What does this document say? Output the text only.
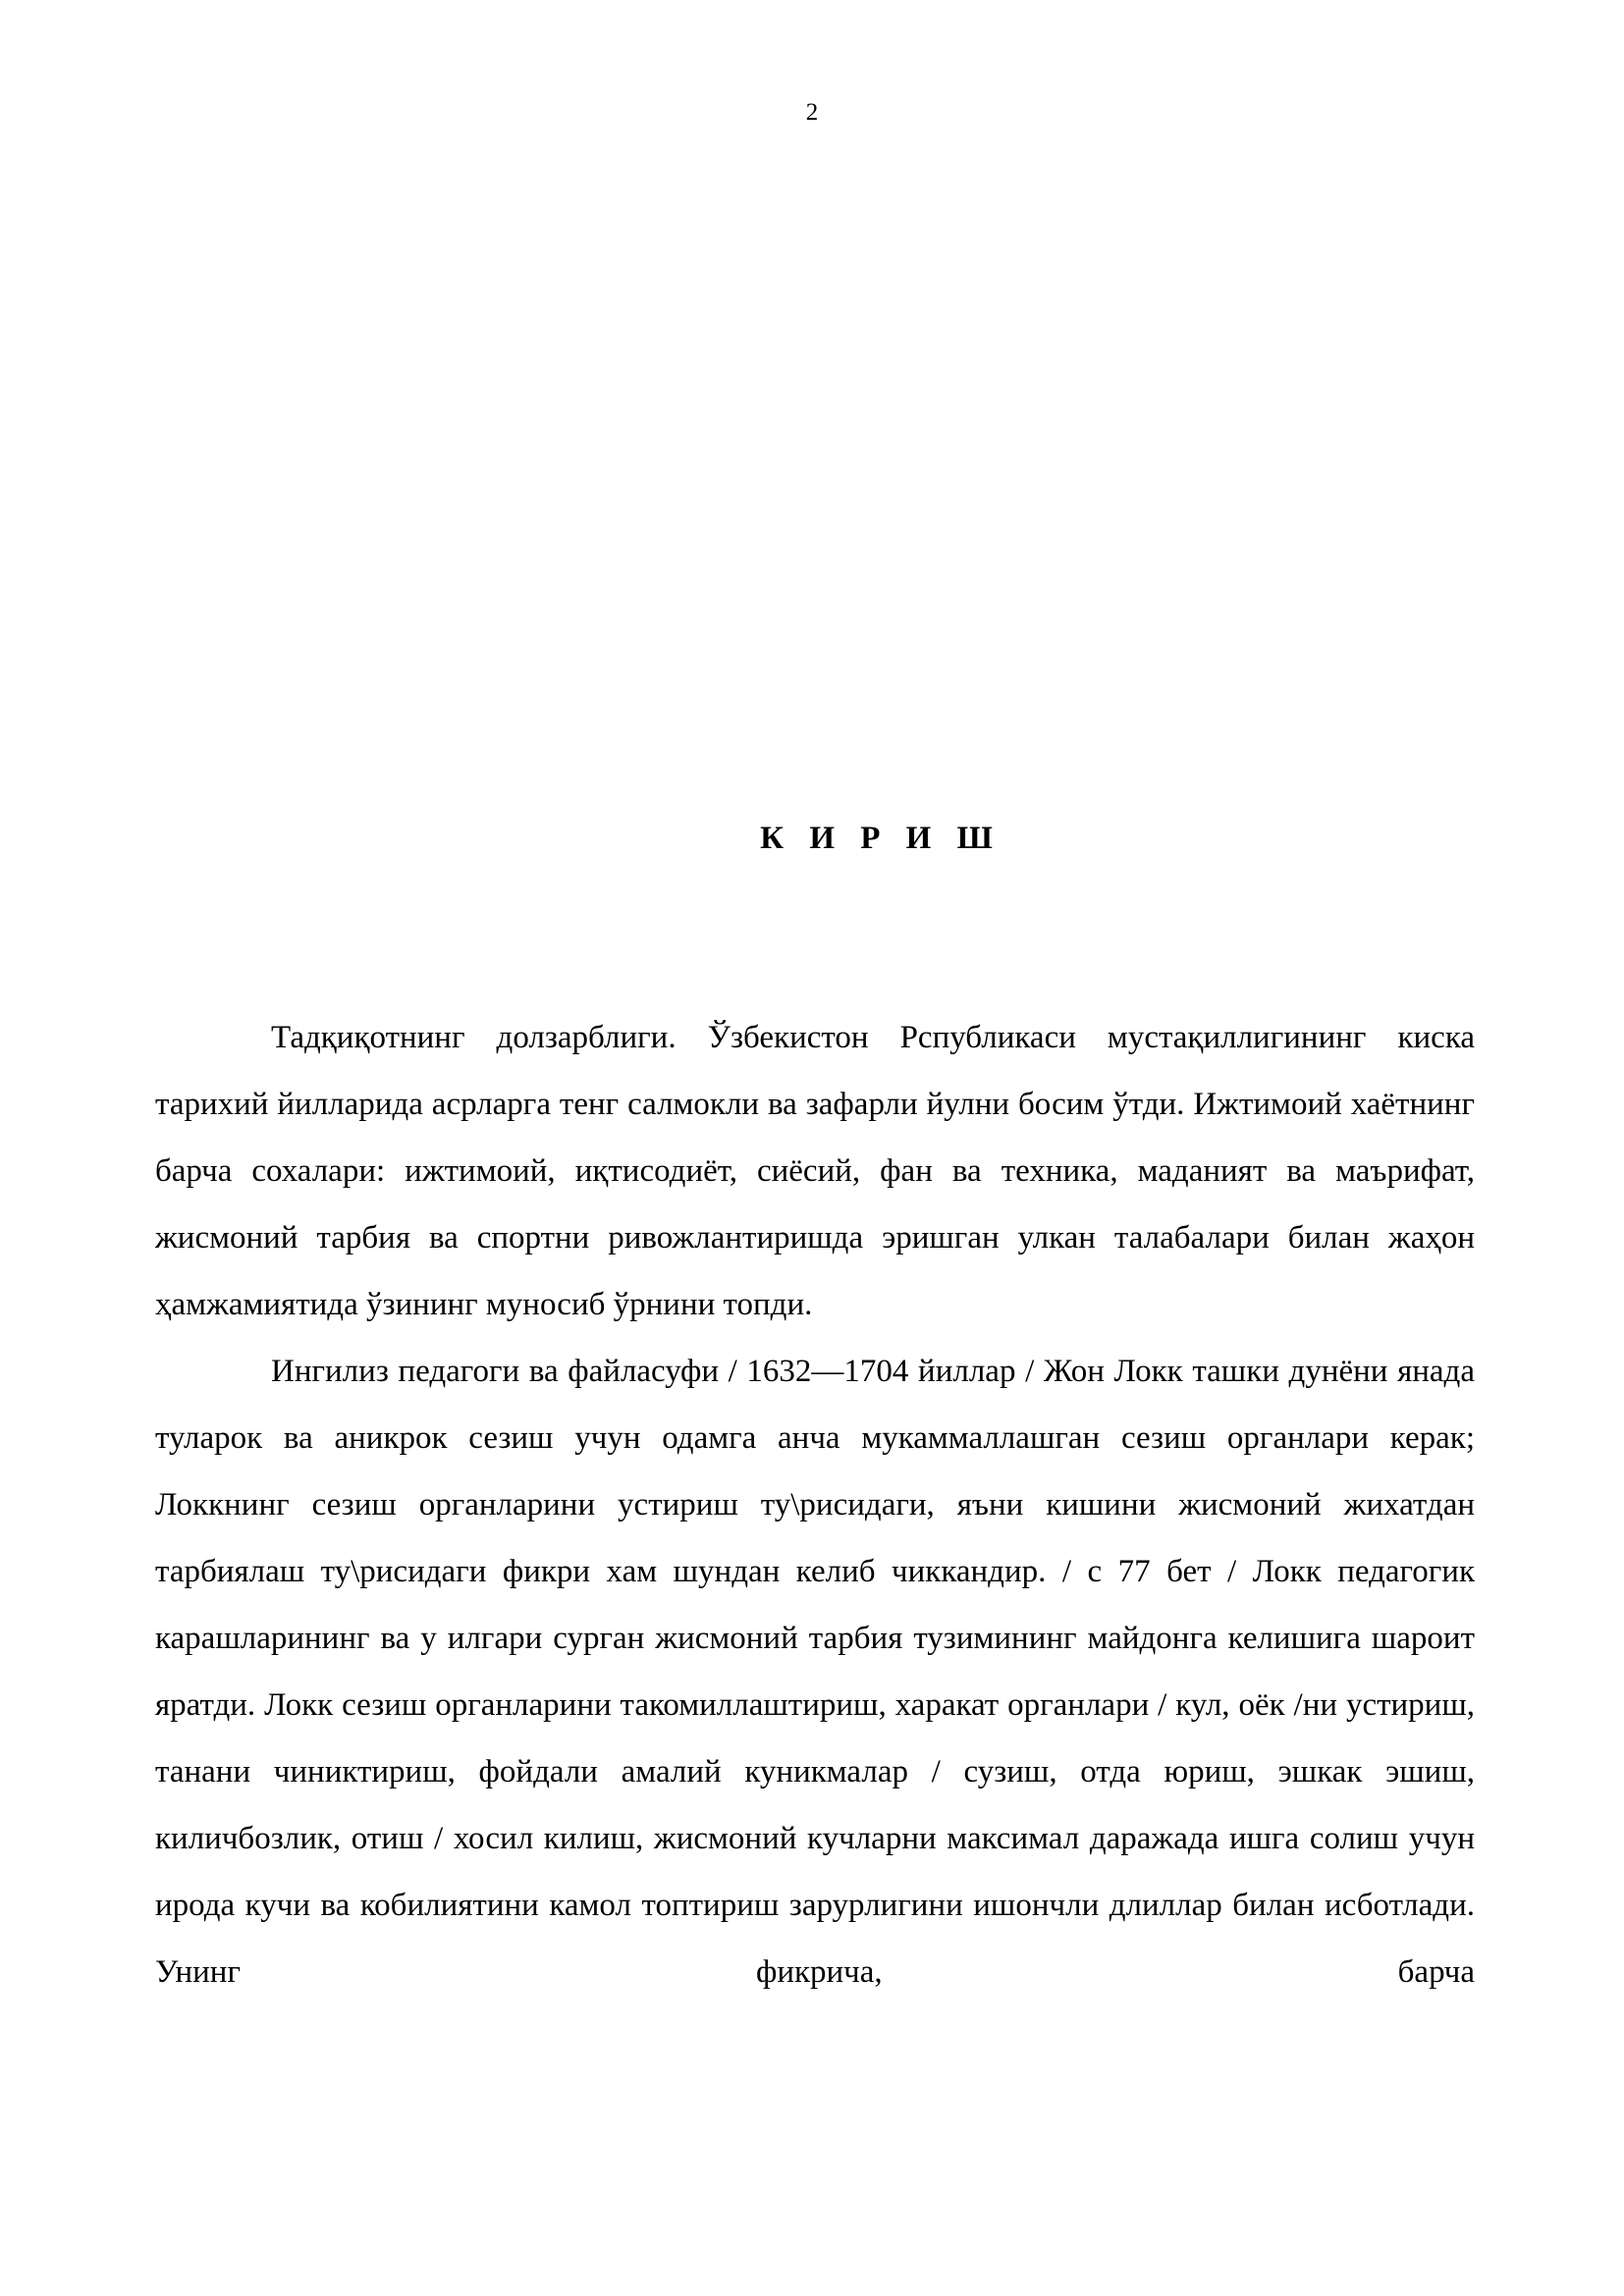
2
К И Р И Ш

Тадқиқотнинг долзарблиги. Ўзбекистон Рспубликаси мустақиллигининг киска тарихий йилларида асрларга тенг салмокли ва зафарли йулни босим ўтди. Ижтимоий хаётнинг барча сохалари: ижтимоий, иқтисодиёт, сиёсий, фан ва техника, маданият ва маърифат, жисмоний тарбия ва спортни ривожлантиришда эришган улкан талабалари билан жаҳон ҳамжамиятида ўзининг муносиб ўрнини топди.

Ингилиз педагоги ва файласуфи / 1632—1704 йиллар / Жон Локк ташки дунёни янада туларок ва аникрок сезиш учун одамга анча мукаммаллашган сезиш органлари керак; Локкнинг сезиш органларини устириш ту\рисидаги, яъни кишини жисмоний жихатдан тарбиялаш ту\рисидаги фикри хам шундан келиб чиккандир. / с 77 бет / Локк педагогик карашларининг ва у илгари сурган жисмоний тарбия тузимининг майдонга келишига шароит яратди. Локк сезиш органларини такомиллаштириш, харакат органлари / кул, оёк /ни устириш, танани чиниктириш, фойдали амалий куникмалар / сузиш, отда юриш, эшкак эшиш, киличбозлик, отиш / хосил килиш, жисмоний кучларни максимал даражада ишга солиш учун ирода кучи ва кобилиятини камол топтириш зарурлигини ишончли длиллар билан исботлади. Унинг фикрича, барча
